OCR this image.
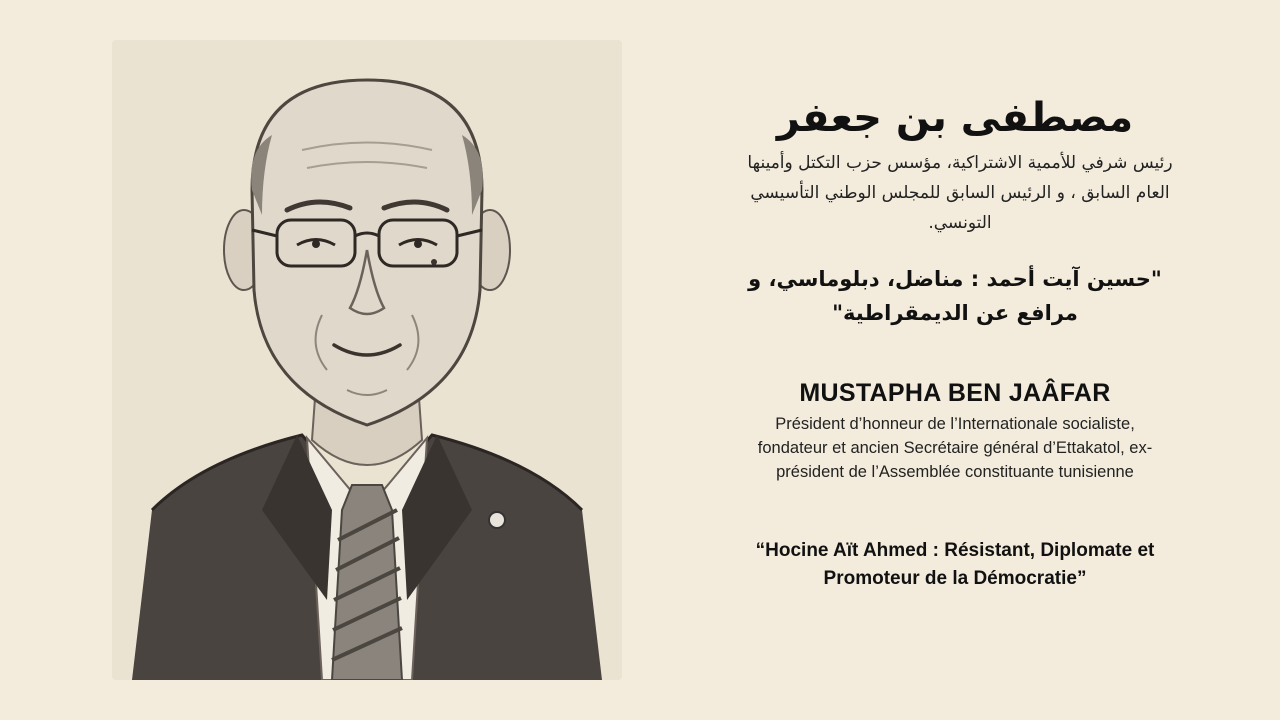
مصطفى بن جعفر
رئيس شرفي للأممية الاشتراكية، مؤسس حزب التكتل وأمينها العام السابق ، و الرئيس السابق للمجلس الوطني التأسيسي التونسي.
"حسين آيت أحمد : مناضل، دبلوماسي، و مرافع عن الديمقراطية"
MUSTAPHA BEN JAÂFAR
Président d’honneur de l’Internationale socialiste, fondateur et ancien Secrétaire général d’Ettakatol, ex-président de l’Assemblée constituante tunisienne
“Hocine Aït Ahmed : Résistant, Diplomate et Promoteur de la Démocratie”
